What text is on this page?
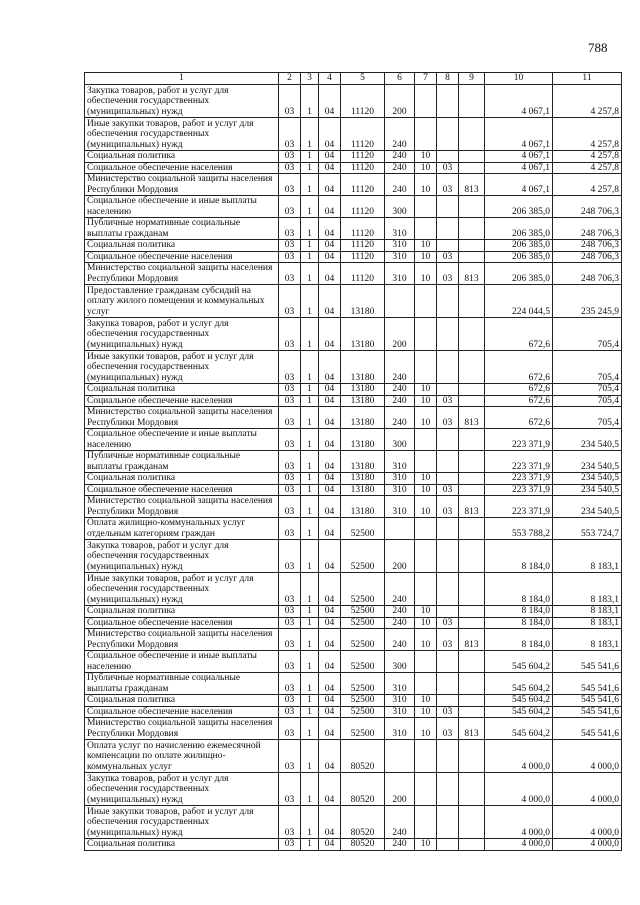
788
1	2	3	4	5	6	7	8	9	10	11
Закупка товаров, работ и услуг для обеспечения государственных (муниципальных) нужд	03	1	04	11120	200				4 067,1	4 257,8
Иные закупки товаров, работ и услуг для обеспечения государственных (муниципальных) нужд	03	1	04	11120	240				4 067,1	4 257,8
Социальная политика	03	1	04	11120	240	10			4 067,1	4 257,8
Социальное обеспечение населения	03	1	04	11120	240	10	03		4 067,1	4 257,8
Министерство социальной защиты населения Республики Мордовия	03	1	04	11120	240	10	03	813	4 067,1	4 257,8
Социальное обеспечение и иные выплаты населению	03	1	04	11120	300				206 385,0	248 706,3
Публичные нормативные социальные выплаты гражданам	03	1	04	11120	310				206 385,0	248 706,3
Социальная политика	03	1	04	11120	310	10			206 385,0	248 706,3
Социальное обеспечение населения	03	1	04	11120	310	10	03		206 385,0	248 706,3
Министерство социальной защиты населения Республики Мордовия	03	1	04	11120	310	10	03	813	206 385,0	248 706,3
Предоставление гражданам субсидий на оплату жилого помещения и коммунальных услуг	03	1	04	13180					224 044,5	235 245,9
Закупка товаров, работ и услуг для обеспечения государственных (муниципальных) нужд	03	1	04	13180	200				672,6	705,4
Иные закупки товаров, работ и услуг для обеспечения государственных (муниципальных) нужд	03	1	04	13180	240				672,6	705,4
Социальная политика	03	1	04	13180	240	10			672,6	705,4
Социальное обеспечение населения	03	1	04	13180	240	10	03		672,6	705,4
Министерство социальной защиты населения Республики Мордовия	03	1	04	13180	240	10	03	813	672,6	705,4
Социальное обеспечение и иные выплаты населению	03	1	04	13180	300				223 371,9	234 540,5
Публичные нормативные социальные выплаты гражданам	03	1	04	13180	310				223 371,9	234 540,5
Социальная политика	03	1	04	13180	310	10			223 371,9	234 540,5
Социальное обеспечение населения	03	1	04	13180	310	10	03		223 371,9	234 540,5
Министерство социальной защиты населения Республики Мордовия	03	1	04	13180	310	10	03	813	223 371,9	234 540,5
Оплата жилищно-коммунальных услуг отдельным категориям граждан	03	1	04	52500					553 788,2	553 724,7
Закупка товаров, работ и услуг для обеспечения государственных (муниципальных) нужд	03	1	04	52500	200				8 184,0	8 183,1
Иные закупки товаров, работ и услуг для обеспечения государственных (муниципальных) нужд	03	1	04	52500	240				8 184,0	8 183,1
Социальная политика	03	1	04	52500	240	10			8 184,0	8 183,1
Социальное обеспечение населения	03	1	04	52500	240	10	03		8 184,0	8 183,1
Министерство социальной защиты населения Республики Мордовия	03	1	04	52500	240	10	03	813	8 184,0	8 183,1
Социальное обеспечение и иные выплаты населению	03	1	04	52500	300				545 604,2	545 541,6
Публичные нормативные социальные выплаты гражданам	03	1	04	52500	310				545 604,2	545 541,6
Социальная политика	03	1	04	52500	310	10			545 604,2	545 541,6
Социальное обеспечение населения	03	1	04	52500	310	10	03		545 604,2	545 541,6
Министерство социальной защиты населения Республики Мордовия	03	1	04	52500	310	10	03	813	545 604,2	545 541,6
Оплата услуг по начислению ежемесячной компенсации по оплате жилищно-коммунальных услуг	03	1	04	80520					4 000,0	4 000,0
Закупка товаров, работ и услуг для обеспечения государственных (муниципальных) нужд	03	1	04	80520	200				4 000,0	4 000,0
Иные закупки товаров, работ и услуг для обеспечения государственных (муниципальных) нужд	03	1	04	80520	240				4 000,0	4 000,0
Социальная политика	03	1	04	80520	240	10			4 000,0	4 000,0
